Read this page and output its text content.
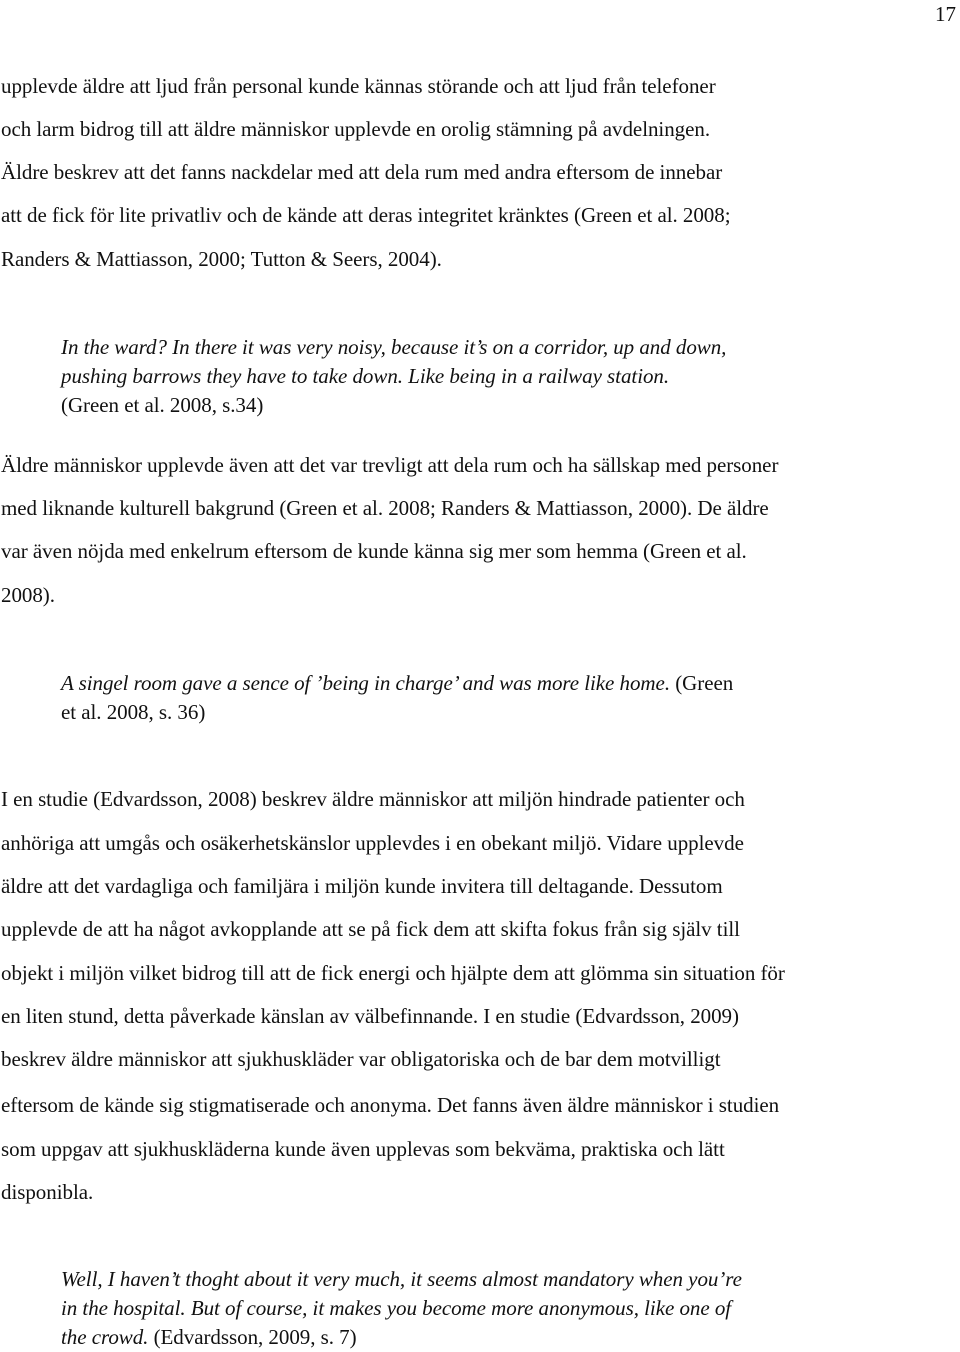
17
upplevde äldre att ljud från personal kunde kännas störande och att ljud från telefoner
och larm bidrog till att äldre människor upplevde en orolig stämning på avdelningen.
Äldre beskrev att det fanns nackdelar med att dela rum med andra eftersom de innebar
att de fick för lite privatliv och de kände att deras integritet kränktes (Green et al. 2008;
Randers & Mattiasson, 2000; Tutton & Seers, 2004).
In the ward? In there it was very noisy, because it’s on a corridor, up and down,
pushing barrows they have to take down. Like being in a railway station.
(Green et al. 2008, s.34)
Äldre människor upplevde även att det var trevligt att dela rum och ha sällskap med personer
med liknande kulturell bakgrund (Green et al. 2008; Randers & Mattiasson, 2000). De äldre
var även nöjda med enkelrum eftersom de kunde känna sig mer som hemma (Green et al.
2008).
A singel room gave a sence of ’being in charge’ and was more like home. (Green
et al. 2008, s. 36)
I en studie (Edvardsson, 2008) beskrev äldre människor att miljön hindrade patienter och
anhöriga att umgås och osäkerhetskänslor upplevdes i en obekant miljö. Vidare upplevde
äldre att det vardagliga och familjära i miljön kunde invitera till deltagande. Dessutom
upplevde de att ha något avkopplande att se på fick dem att skifta fokus från sig själv till
objekt i miljön vilket bidrog till att de fick energi och hjälpte dem att glömma sin situation för
en liten stund, detta påverkade känslan av välbefinnande. I en studie (Edvardsson, 2009)
beskrev äldre människor att sjukhuskläder var obligatoriska och de bar dem motvilligt
eftersom de kände sig stigmatiserade och anonyma. Det fanns även äldre människor i studien
som uppgav att sjukhuskläderna kunde även upplevas som bekväma, praktiska och lätt
disponibla.
Well, I haven’t thoght about it very much, it seems almost mandatory when you’re
in the hospital. But of course, it makes you become more anonymous, like one of
the crowd. (Edvardsson, 2009, s. 7)
